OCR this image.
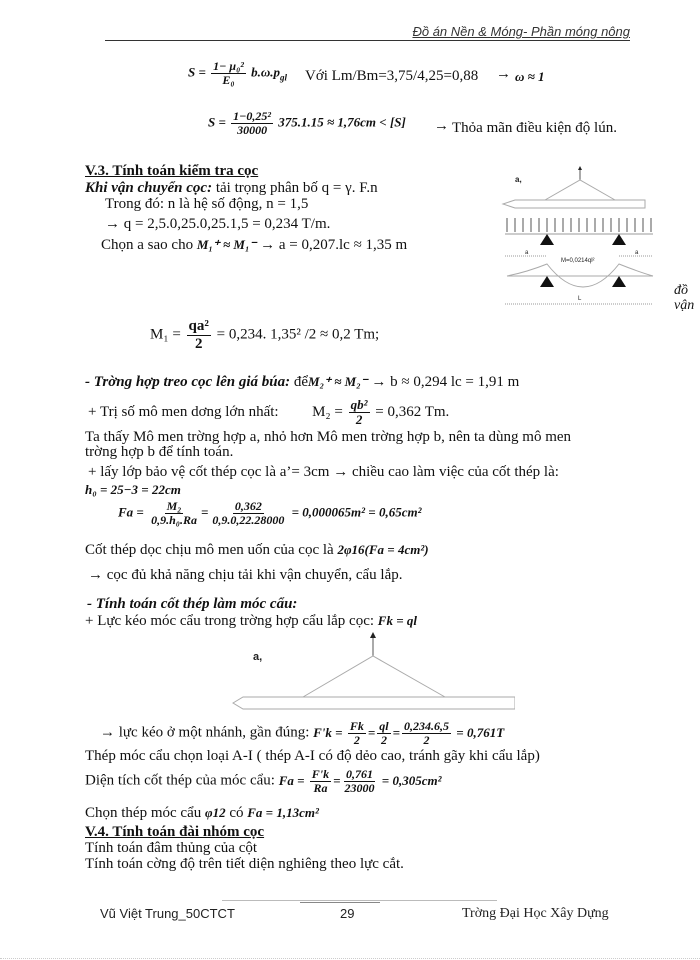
Đồ án Nền & Móng- Phần móng nông
$S = \frac{\text{1− μ₀²}}{\text{E₀}} b.\omega.p_{gl}$ Với Lm/Bm=3,75/4,25=0,88 → ω ≈ 1
$S = \frac{\text{1−0,25²}}{30000} 375.1.15 \approx 1,76cm < [S]$ → Thỏa mãn điều kiện độ lún.
V.3. Tính toán kiểm tra cọc
Khi vận chuyển cọc: tải trọng phân bố q = γ. F.n
Trong đó: n là hệ số động, n = 1,5
→ q = 2,5.0,25.0,25.1,5 = 0,234 T/m.
Chọn a sao cho M₁⁺ ≈ M₁⁻ → a = 0,207.lc ≈ 1,35 m
a,
a	a
M=0,0214ql²
L
đồ
vận
$M_1 = \frac{\text{qa²}}{2} = 0,234$. 1,35² /2 ≈ 0,2 Tm;
- Trờng hợp treo cọc lên giá búa: đểM₂⁺ ≈ M₂⁻ → b ≈ 0,294 lc = 1,91 m
+ Trị số mô men dơng lớn nhất: $M_2 = \frac{\text{qb²}}{2} = 0,362$ Tm.
Ta thấy Mô men trờng hợp a, nhỏ hơn Mô men trờng hợp b, nên ta dùng mô men
trờng hợp b để tính toán.
+ lấy lớp bảo vệ cốt thép cọc là a’= 3cm → chiều cao làm việc của cốt thép là:
h₀ = 25−3 = 22cm
$Fa = \frac{\text{M₂}}{\text{0,9.h₀.Ra}} = \frac{0,362}{0,9.0,22.28000} = 0,000065m^2 = 0,65cm^2$
Cốt thép dọc chịu mô men uốn của cọc là 2φ16(Fa = 4cm²)
→ cọc đủ khả năng chịu tải khi vận chuyển, cẩu lắp.
- Tính toán cốt thép làm móc cẩu:
+ Lực kéo móc cẩu trong trờng hợp cẩu lắp cọc: Fk = ql
a,
→ lực kéo ở một nhánh, gần đúng: $F'k = \frac{Fk}{2} = \frac{ql}{2} = \frac{0,234.6,5}{2} = 0,761T$
Thép móc cẩu chọn loại A-I ( thép A-I có độ dẻo cao, tránh gãy khi cẩu lắp)
Diện tích cốt thép của móc cẩu: $Fa = \frac{F'k}{Ra} = \frac{0,761}{23000} = 0,305cm^2$
Chọn thép móc cẩu φ12 có Fa = 1,13cm²
V.4. Tính toán đài nhóm cọc
Tính toán đâm thủng của cột
Tính toán cờng độ trên tiết diện nghiêng theo lực cắt.
Vũ Việt Trung_50CTCT	29	Trờng Đại Học Xây Dựng
